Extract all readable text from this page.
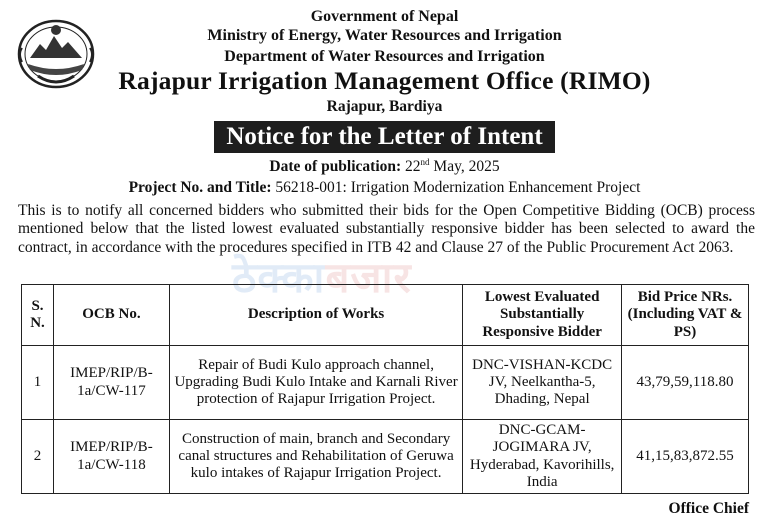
Government of Nepal
Ministry of Energy, Water Resources and Irrigation
Department of Water Resources and Irrigation
Rajapur Irrigation Management Office (RIMO)
Rajapur, Bardiya
Notice for the Letter of Intent
Date of publication: 22nd May, 2025
Project No. and Title: 56218-001: Irrigation Modernization Enhancement Project

This is to notify all concerned bidders who submitted their bids for the Open Competitive Bidding (OCB) process mentioned below that the listed lowest evaluated substantially responsive bidder has been selected to award the contract, in accordance with the procedures specified in ITB 42 and Clause 27 of the Public Procurement Act 2063.

ठेक्काबजार
S. N.	OCB No.	Description of Works	Lowest Evaluated Substantially Responsive Bidder	Bid Price NRs. (Including VAT & PS)
1	IMEP/RIP/B-1a/CW-117	Repair of Budi Kulo approach channel, Upgrading Budi Kulo Intake and Karnali River protection of Rajapur Irrigation Project.	DNC-VISHAN-KCDC JV, Neelkantha-5, Dhading, Nepal	43,79,59,118.80
2	IMEP/RIP/B-1a/CW-118	Construction of main, branch and Secondary canal structures and Rehabilitation of Geruwa kulo intakes of Rajapur Irrigation Project.	DNC-GCAM-JOGIMARA JV, Hyderabad, Kavorihills, India	41,15,83,872.55
Office Chief
